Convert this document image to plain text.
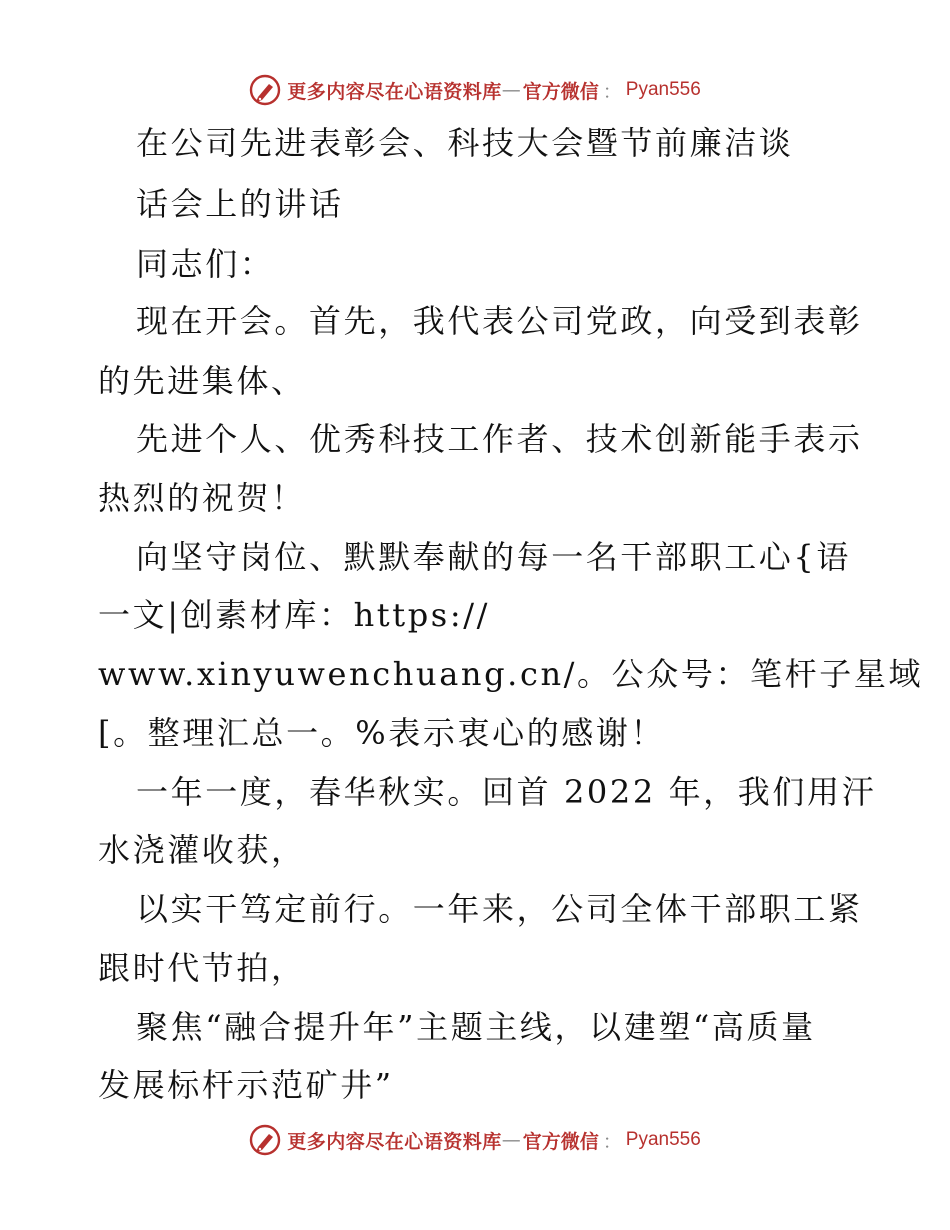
更多内容尽在心语资料库 — 官方微信 ： Pyan556
在公司先进表彰会、科技大会暨节前廉洁谈
话会上的讲话
同志们：
现在开会。首先，我代表公司党政，向受到表彰
的先进集体、
先进个人、优秀科技工作者、技术创新能手表示
热烈的祝贺！
向坚守岗位、默默奉献的每一名干部职工心{语
一文|创素材库：https://
www.xinyuwenchuang.cn/。公众号：笔杆子星域
[。整理汇总一。%表示衷心的感谢！
一年一度，春华秋实。回首 2022 年，我们用汗
水浇灌收获，
以实干笃定前行。一年来，公司全体干部职工紧
跟时代节拍，
聚焦“融合提升年”主题主线，以建塑“高质量
发展标杆示范矿井”
更多内容尽在心语资料库 — 官方微信 ： Pyan556
